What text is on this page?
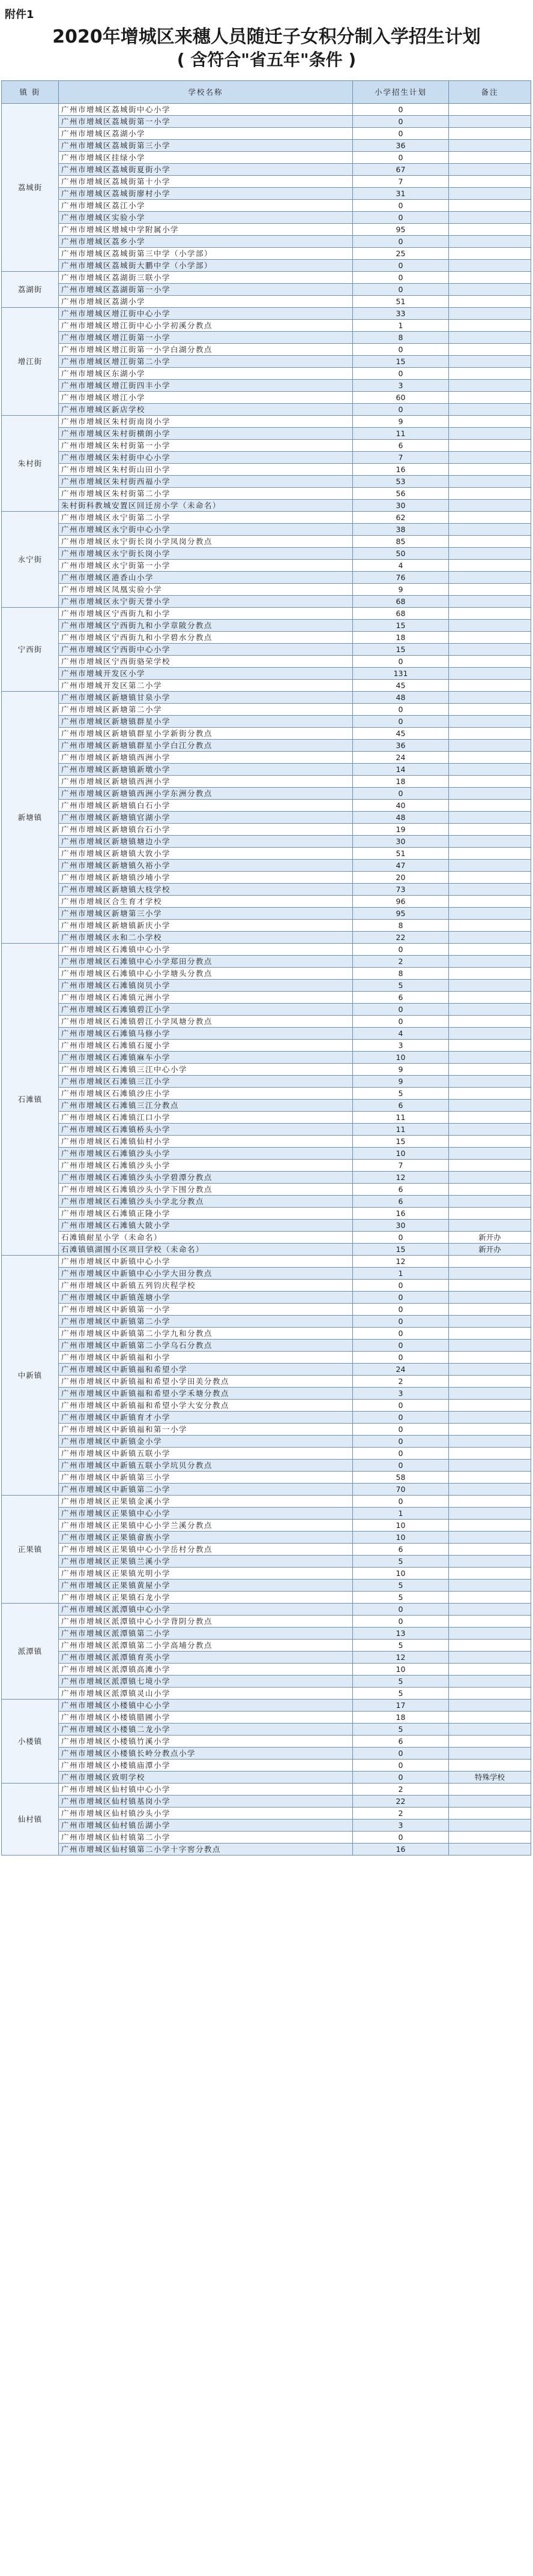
附件1
2020年增城区来穗人员随迁子女积分制入学招生计划
( 含符合"省五年"条件 )
镇 街	学校名称	小学招生计划	备注
荔城街	广州市增城区荔城街中心小学	0	
	广州市增城区荔城街第一小学	0	
	广州市增城区荔湖小学	0	
	广州市增城区荔城街第三小学	36	
	广州市增城区挂绿小学	0	
	广州市增城区荔城街夏街小学	67	
	广州市增城区荔城街第十小学	7	
	广州市增城区荔城街廖村小学	31	
	广州市增城区荔江小学	0	
	广州市增城区实验小学	0	
	广州市增城区增城中学附属小学	95	
	广州市增城区荔乡小学	0	
	广州市增城区荔城街第三中学（小学部）	25	
	广州市增城区荔城街大鹏中学（小学部）	0	
荔湖街	广州市增城区荔湖街三联小学	0	
	广州市增城区荔湖街第一小学	0	
	广州市增城区荔湖小学	51	
增江街	广州市增城区增江街中心小学	33	
	广州市增城区增江街中心小学初溪分教点	1	
	广州市增城区增江街第一小学	8	
	广州市增城区增江街第一小学白湖分教点	0	
	广州市增城区增江街第二小学	15	
	广州市增城区东湖小学	0	
	广州市增城区增江街四丰小学	3	
	广州市增城区增江小学	60	
	广州市增城区新店学校	0	
朱村街	广州市增城区朱村街南岗小学	9	
	广州市增城区朱村街横朗小学	11	
	广州市增城区朱村街第一小学	6	
	广州市增城区朱村街中心小学	7	
	广州市增城区朱村街山田小学	16	
	广州市增城区朱村街西福小学	53	
	广州市增城区朱村街第二小学	56	
	朱村街科教城安置区回迁房小学（未命名）	30	
永宁街	广州市增城区永宁街第二小学	62	
	广州市增城区永宁街中心小学	38	
	广州市增城区永宁街长岗小学凤岗分教点	85	
	广州市增城区永宁街长岗小学	50	
	广州市增城区永宁街第一小学	4	
	广州市增城区港香山小学	76	
	广州市增城区凤凰实验小学	9	
	广州市增城区永宁街天誉小学	68	
宁西街	广州市增城区宁西街九和小学	68	
	广州市增城区宁西街九和小学章陂分教点	15	
	广州市增城区宁西街九和小学碧水分教点	18	
	广州市增城区宁西街中心小学	15	
	广州市增城区宁西街骆荣学校	0	
	广州市增城开发区小学	131	
	广州市增城开发区第二小学	45	
新塘镇	广州市增城区新塘镇甘泉小学	48	
	广州市增城区新塘第二小学	0	
	广州市增城区新塘镇群星小学	0	
	广州市增城区新塘镇群星小学新街分教点	45	
	广州市增城区新塘镇群星小学白江分教点	36	
	广州市增城区新塘镇西洲小学	24	
	广州市增城区新塘镇新墩小学	14	
	广州市增城区新塘镇西洲小学	18	
	广州市增城区新塘镇西洲小学东洲分教点	0	
	广州市增城区新塘镇白石小学	40	
	广州市增城区新塘镇官湖小学	48	
	广州市增城区新塘镇台石小学	19	
	广州市增城区新塘镇塘边小学	30	
	广州市增城区新塘镇大敦小学	51	
	广州市增城区新塘镇久裕小学	47	
	广州市增城区新塘镇沙埔小学	20	
	广州市增城区新塘镇大枝学校	73	
	广州市增城区合生育才学校	96	
	广州市增城区新塘第三小学	95	
	广州市增城区新塘镇新庆小学	8	
	广州市增城区永和二小学校	22	
石滩镇	广州市增城区石滩镇中心小学	0	
	广州市增城区石滩镇中心小学郑田分教点	2	
	广州市增城区石滩镇中心小学塘头分教点	8	
	广州市增城区石滩镇岗贝小学	5	
	广州市增城区石滩镇元洲小学	6	
	广州市增城区石滩镇碧江小学	0	
	广州市增城区石滩镇碧江小学凤塘分教点	0	
	广州市增城区石滩镇马修小学	4	
	广州市增城区石滩镇石厦小学	3	
	广州市增城区石滩镇麻车小学	10	
	广州市增城区石滩镇三江中心小学	9	
	广州市增城区石滩镇三江小学	9	
	广州市增城区石滩镇沙庄小学	5	
	广州市增城区石滩镇三江分教点	6	
	广州市增城区石滩镇江口小学	11	
	广州市增城区石滩镇桥头小学	11	
	广州市增城区石滩镇仙村小学	15	
	广州市增城区石滩镇沙头小学	10	
	广州市增城区石滩镇沙头小学	7	
	广州市增城区石滩镇沙头小学碧潭分教点	12	
	广州市增城区石滩镇沙头小学下围分教点	6	
	广州市增城区石滩镇沙头小学北分教点	6	
	广州市增城区石滩镇正隆小学	16	
	广州市增城区石滩镇大陂小学	30	
	石滩镇耐星小学（未命名）	0	新开办
	石滩镇镇湖围小区项目学校（未命名）	15	新开办
中新镇	广州市增城区中新镇中心小学	12	
	广州市增城区中新镇中心小学大田分教点	1	
	广州市增城区中新镇五列钧庆程学校	0	
	广州市增城区中新镇莲塘小学	0	
	广州市增城区中新镇第一小学	0	
	广州市增城区中新镇第二小学	0	
	广州市增城区中新镇第二小学九和分教点	0	
	广州市增城区中新镇第二小学乌石分教点	0	
	广州市增城区中新镇福和小学	0	
	广州市增城区中新镇福和希望小学	24	
	广州市增城区中新镇福和希望小学田美分教点	2	
	广州市增城区中新镇福和希望小学禾塘分教点	3	
	广州市增城区中新镇福和希望小学大安分教点	0	
	广州市增城区中新镇育才小学	0	
	广州市增城区中新镇福和第一小学	0	
	广州市增城区中新镇金小学	0	
	广州市增城区中新镇五联小学	0	
	广州市增城区中新镇五联小学坑贝分教点	0	
	广州市增城区中新镇第三小学	58	
	广州市增城区中新镇第二小学	70	
正果镇	广州市增城区正果镇金溪小学	0	
	广州市增城区正果镇中心小学	1	
	广州市增城区正果镇中心小学兰溪分教点	10	
	广州市增城区正果镇畲族小学	10	
	广州市增城区正果镇中心小学岳村分教点	6	
	广州市增城区正果镇兰溪小学	5	
	广州市增城区正果镇光明小学	10	
	广州市增城区正果镇黄屋小学	5	
	广州市增城区正果镇石龙小学	5	
派潭镇	广州市增城区派潭镇中心小学	0	
	广州市增城区派潭镇中心小学背阴分教点	0	
	广州市增城区派潭镇第二小学	13	
	广州市增城区派潭镇第二小学高埔分教点	5	
	广州市增城区派潭镇育英小学	12	
	广州市增城区派潭镇高滩小学	10	
	广州市增城区派潭镇七境小学	5	
	广州市增城区派潭镇灵山小学	5	
小楼镇	广州市增城区小楼镇中心小学	17	
	广州市增城区小楼镇腊圃小学	18	
	广州市增城区小楼镇二龙小学	5	
	广州市增城区小楼镇竹溪小学	6	
	广州市增城区小楼镇长岭分教点小学	0	
	广州市增城区小楼镇庙潭小学	0	
	广州市增城区致明学校	0	特殊学校
仙村镇	广州市增城区仙村镇中心小学	2	
	广州市增城区仙村镇基岗小学	22	
	广州市增城区仙村镇沙头小学	2	
	广州市增城区仙村镇岳湖小学	3	
	广州市增城区仙村镇第二小学	0	
	广州市增城区仙村镇第二小学十字窖分教点	16	
